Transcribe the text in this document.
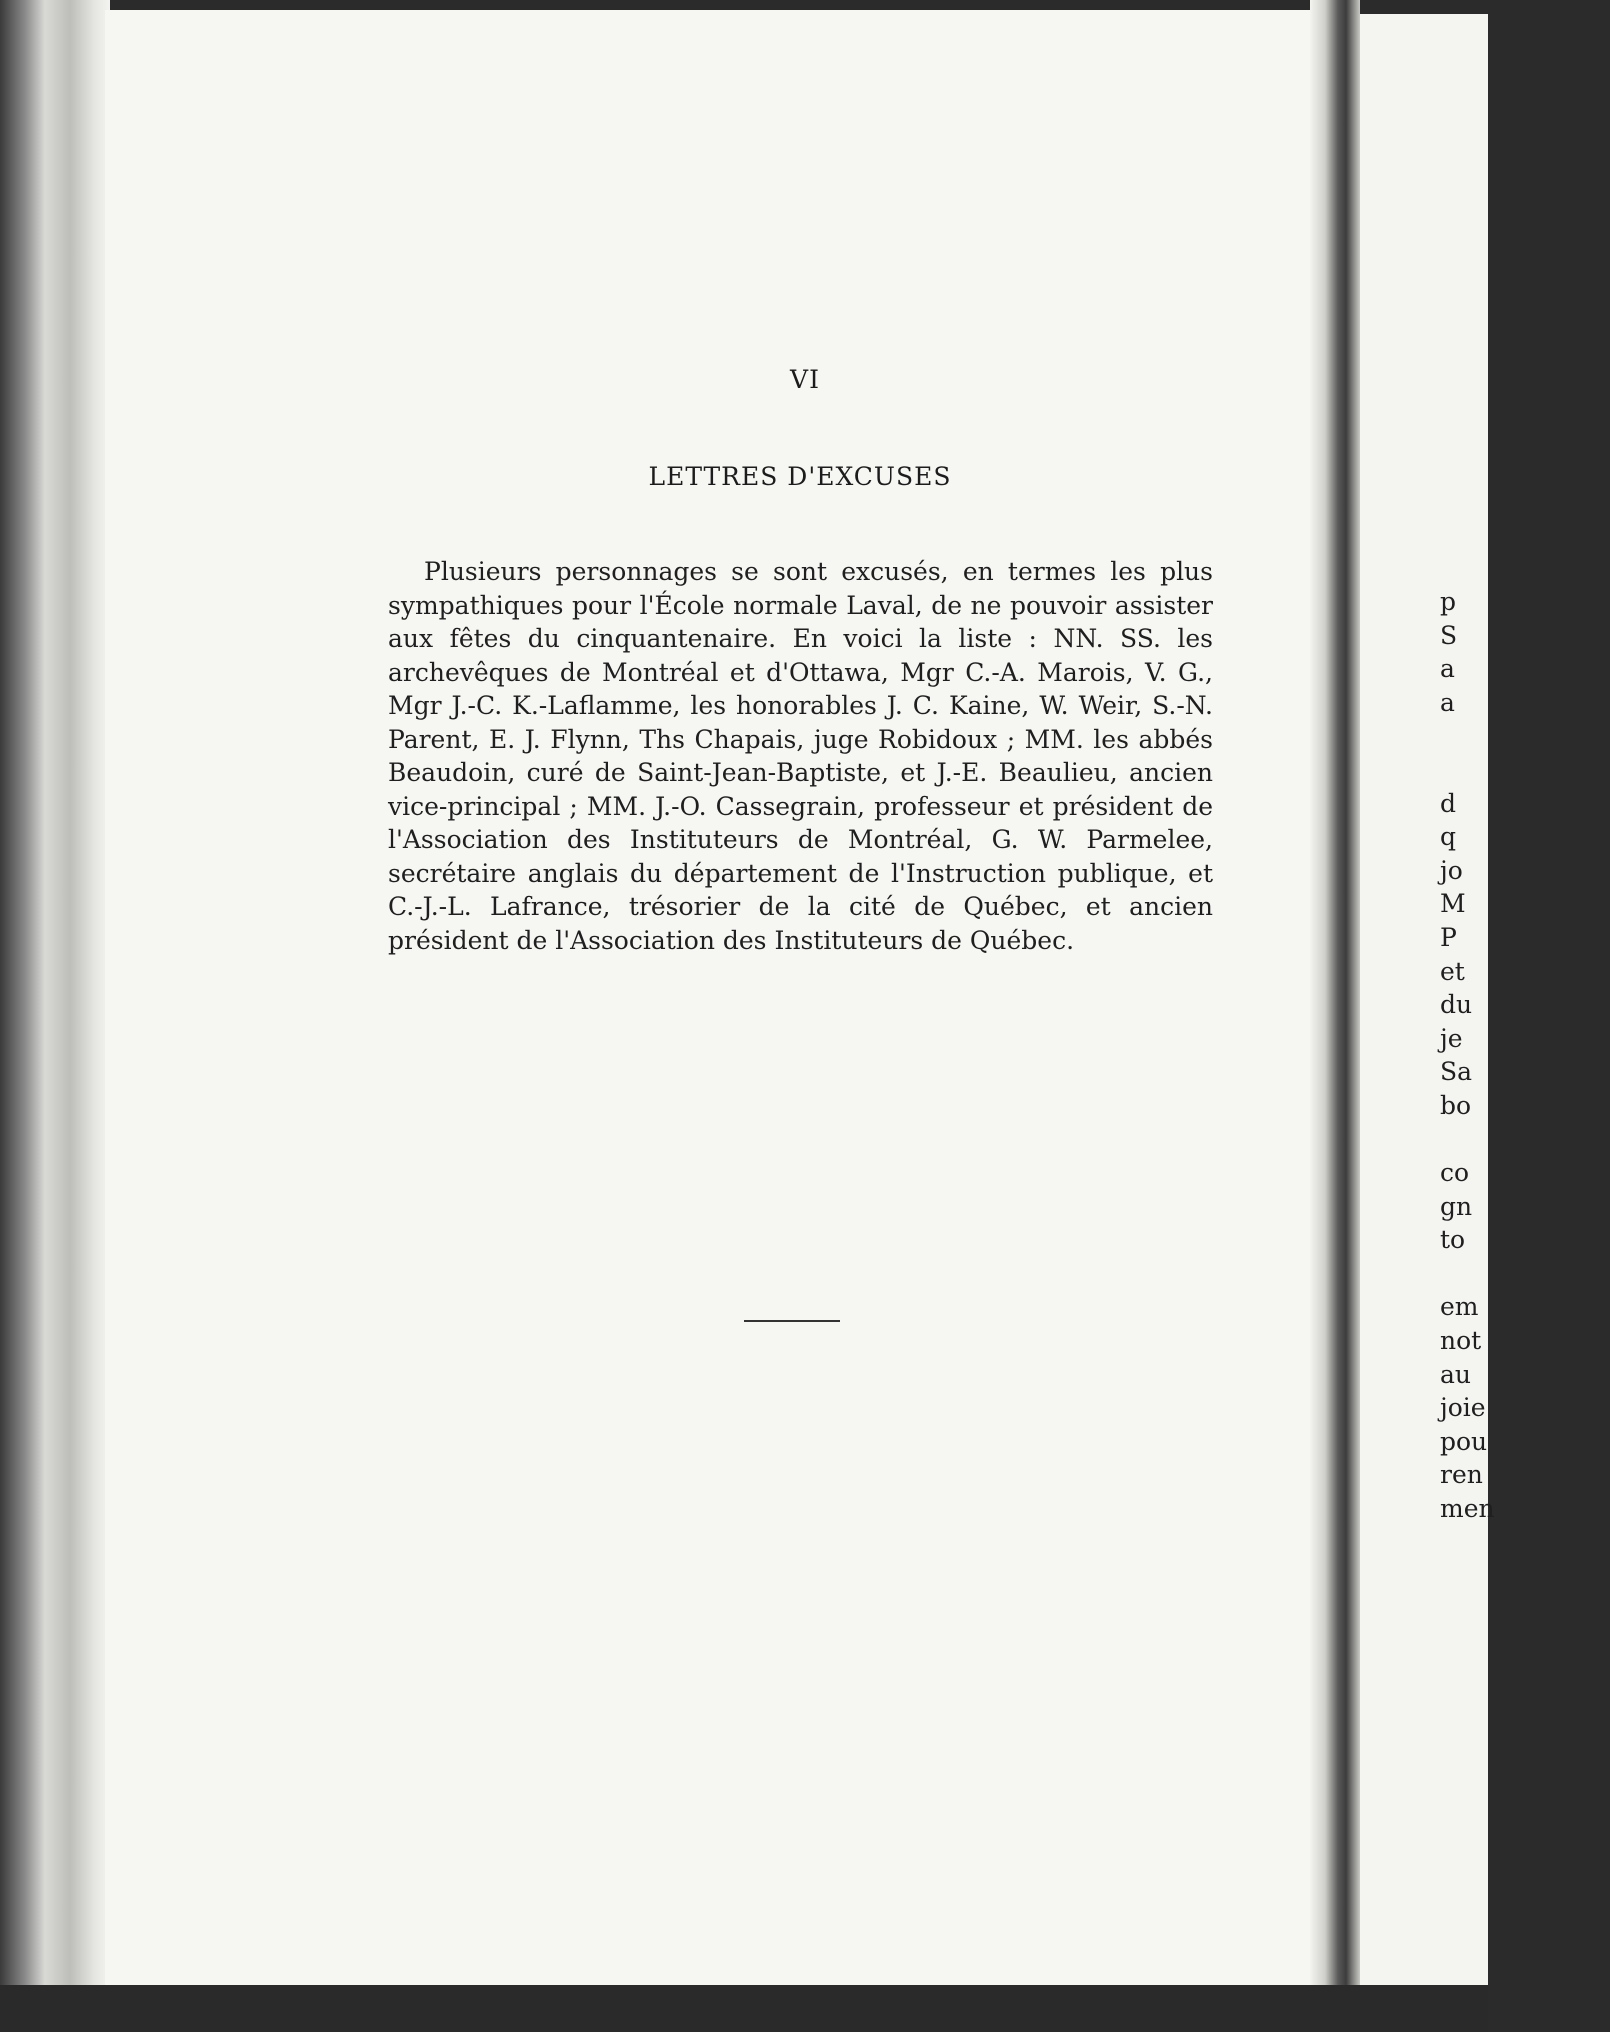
VI
LETTRES D'EXCUSES

Plusieurs personnages se sont excusés, en termes les plus sympathiques pour l'École normale Laval, de ne pouvoir assister aux fêtes du cinquantenaire. En voici la liste : NN. SS. les archevêques de Montréal et d'Ottawa, Mgr C.-A. Marois, V. G., Mgr J.-C. K.-Laflamme, les honorables J. C. Kaine, W. Weir, S.-N. Parent, E. J. Flynn, Ths Chapais, juge Robidoux ; MM. les abbés Beaudoin, curé de Saint-Jean-Baptiste, et J.-E. Beaulieu, ancien vice-principal ; MM. J.-O. Cassegrain, professeur et président de l'Association des Instituteurs de Montréal, G. W. Parmelee, secrétaire anglais du département de l'Instruction publique, et C.-J.-L. Lafrance, trésorier de la cité de Québec, et ancien président de l'Association des Instituteurs de Québec.

p
S
a
a
d
q
jo
M
P
et
du
je
Sa
bo
co
gn
to
em
not
au
joie
pou
ren
men
